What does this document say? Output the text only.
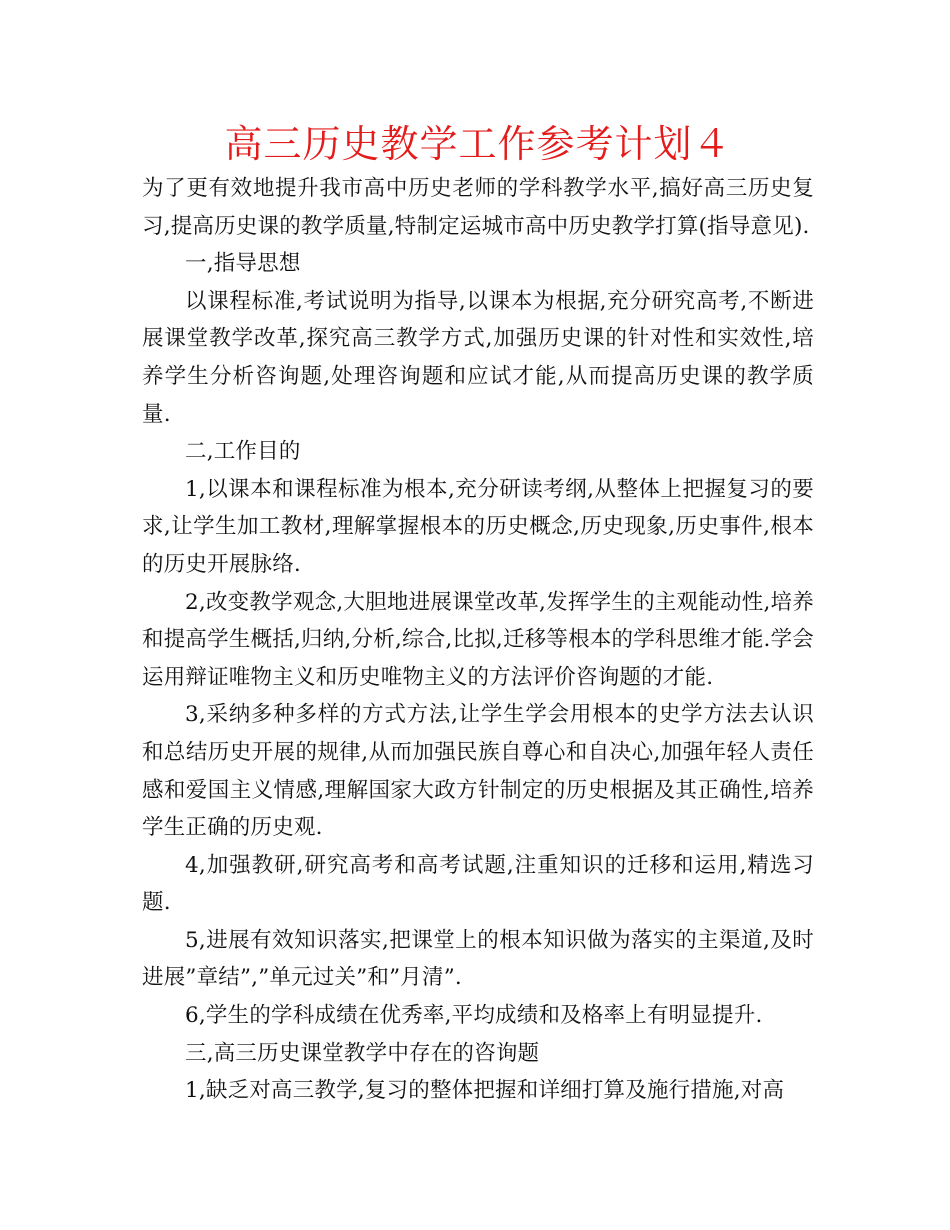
高三历史教学工作参考计划４

为了更有效地提升我市高中历史老师的学科教学水平,搞好高三历史复习,提高历史课的教学质量,特制定运城市高中历史教学打算(指导意见).

一,指导思想

以课程标准,考试说明为指导,以课本为根据,充分研究高考,不断进展课堂教学改革,探究高三教学方式,加强历史课的针对性和实效性,培养学生分析咨询题,处理咨询题和应试才能,从而提高历史课的教学质量.

二,工作目的

1,以课本和课程标准为根本,充分研读考纲,从整体上把握复习的要求,让学生加工教材,理解掌握根本的历史概念,历史现象,历史事件,根本的历史开展脉络.

2,改变教学观念,大胆地进展课堂改革,发挥学生的主观能动性,培养和提高学生概括,归纳,分析,综合,比拟,迁移等根本的学科思维才能.学会运用辩证唯物主义和历史唯物主义的方法评价咨询题的才能.

3,采纳多种多样的方式方法,让学生学会用根本的史学方法去认识和总结历史开展的规律,从而加强民族自尊心和自决心,加强年轻人责任感和爱国主义情感,理解国家大政方针制定的历史根据及其正确性,培养学生正确的历史观.

4,加强教研,研究高考和高考试题,注重知识的迁移和运用,精选习题.

5,进展有效知识落实,把课堂上的根本知识做为落实的主渠道,及时进展”章结”,”单元过关”和”月清”.

6,学生的学科成绩在优秀率,平均成绩和及格率上有明显提升.

三,高三历史课堂教学中存在的咨询题

1,缺乏对高三教学,复习的整体把握和详细打算及施行措施,对高
